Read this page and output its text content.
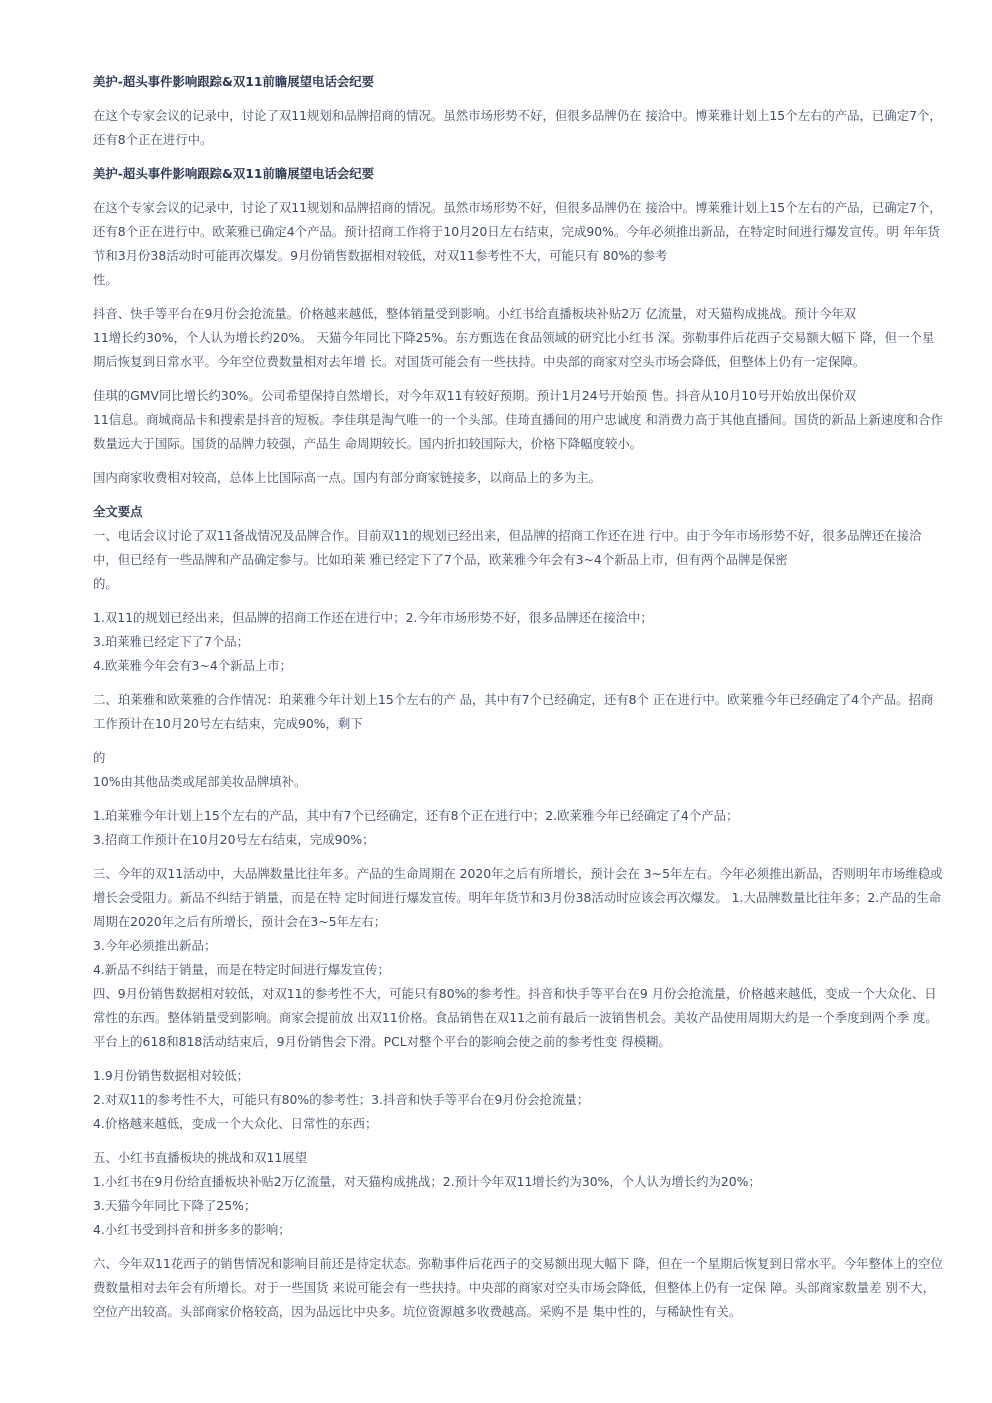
美护-超头事件影响跟踪&双11前瞻展望电话会纪要

在这个专家会议的记录中，讨论了双11规划和品牌招商的情况。虽然市场形势不好，但很多品牌仍在 接洽中。博莱雅计划上15个左右的产品，已确定7个，还有8个正在进行中。

美护-超头事件影响跟踪&双11前瞻展望电话会纪要

在这个专家会议的记录中，讨论了双11规划和品牌招商的情况。虽然市场形势不好，但很多品牌仍在 接洽中。博莱雅计划上15个左右的产品，已确定7个，还有8个正在进行中。欧莱雅已确定4个产品。预计招商工作将于10月20日左右结束，完成90%。今年必须推出新品，在特定时间进行爆发宣传。明 年年货节和3月份38活动时可能再次爆发。9月份销售数据相对较低，对双11参考性不大，可能只有 80%的参考

性。

抖音、快手等平台在9月份会抢流量。价格越来越低，整体销量受到影响。小红书给直播板块补贴2万 亿流量，对天猫构成挑战。预计今年双

11增长约30%，个人认为增长约20%。 天猫今年同比下降25%。东方甄选在食品领域的研究比小红书 深。弥勒事件后花西子交易额大幅下 降，但一个星期后恢复到日常水平。今年空位费数量相对去年增 长。对国货可能会有一些扶持。中央部的商家对空头市场会降低，但整体上仍有一定保障。

佳琪的GMV同比增长约30%。公司希望保持自然增长，对今年双11有较好预期。预计1月24号开始预 售。抖音从10月10号开始放出保价双

11信息。商城商品卡和搜索是抖音的短板。李佳琪是淘气唯一的一个头部。佳琦直播间的用户忠诚度 和消费力高于其他直播间。国货的新品上新速度和合作数量远大于国际。国货的品牌力较强，产品生 命周期较长。国内折扣较国际大，价格下降幅度较小。

国内商家收费相对较高，总体上比国际高一点。国内有部分商家链接多，以商品上的多为主。

全文要点

一、电话会议讨论了双11备战情况及品牌合作。目前双11的规划已经出来，但品牌的招商工作还在进 行中。由于今年市场形势不好，很多品牌还在接洽中，但已经有一些品牌和产品确定参与。比如珀莱 雅已经定下了7个品，欧莱雅今年会有3~4个新品上市，但有两个品牌是保密

的。

1.双11的规划已经出来，但品牌的招商工作还在进行中；2.今年市场形势不好，很多品牌还在接洽中；

3.珀莱雅已经定下了7个品；

4.欧莱雅今年会有3~4个新品上市；

二、珀莱雅和欧莱雅的合作情况：珀莱雅今年计划上15个左右的产 品，其中有7个已经确定，还有8个 正在进行中。欧莱雅今年已经确定了4个产品。招商工作预计在10月20号左右结束，完成90%，剩下

的

10%由其他品类或尾部美妆品牌填补。

1.珀莱雅今年计划上15个左右的产品，其中有7个已经确定，还有8个正在进行中；2.欧莱雅今年已经确定了4个产品；

3.招商工作预计在10月20号左右结束，完成90%；

三、今年的双11活动中，大品牌数量比往年多。产品的生命周期在 2020年之后有所增长，预计会在 3~5年左右。今年必须推出新品，否则明年市场维稳或增长会受阻力。新品不纠结于销量，而是在特 定时间进行爆发宣传。明年年货节和3月份38活动时应该会再次爆发。 1.大品牌数量比往年多；2.产品的生命周期在2020年之后有所增长，预计会在3~5年左右；

3.今年必须推出新品；

4.新品不纠结于销量，而是在特定时间进行爆发宣传；

四、9月份销售数据相对较低，对双11的参考性不大，可能只有80%的参考性。抖音和快手等平台在9 月份会抢流量，价格越来越低，变成一个大众化、日常性的东西。整体销量受到影响。商家会提前放 出双11价格。食品销售在双11之前有最后一波销售机会。美妆产品使用周期大约是一个季度到两个季 度。平台上的618和818活动结束后，9月份销售会下滑。PCL对整个平台的影响会使之前的参考性变 得模糊。

1.9月份销售数据相对较低；

2.对双11的参考性不大，可能只有80%的参考性；3.抖音和快手等平台在9月份会抢流量；

4.价格越来越低，变成一个大众化、日常性的东西；

五、小红书直播板块的挑战和双11展望

1.小红书在9月份给直播板块补贴2万亿流量，对天猫构成挑战；2.预计今年双11增长约为30%，个人认为增长约为20%；

3.天猫今年同比下降了25%；

4.小红书受到抖音和拼多多的影响；

六、今年双11花西子的销售情况和影响目前还是待定状态。弥勒事件后花西子的交易额出现大幅下 降，但在一个星期后恢复到日常水平。今年整体上的空位费数量相对去年会有所增长。对于一些国货 来说可能会有一些扶持。中央部的商家对空头市场会降低，但整体上仍有一定保 障。头部商家数量差 别不大，空位产出较高。头部商家价格较高，因为品远比中央多。坑位资源越多收费越高。采购不是 集中性的，与稀缺性有关。
